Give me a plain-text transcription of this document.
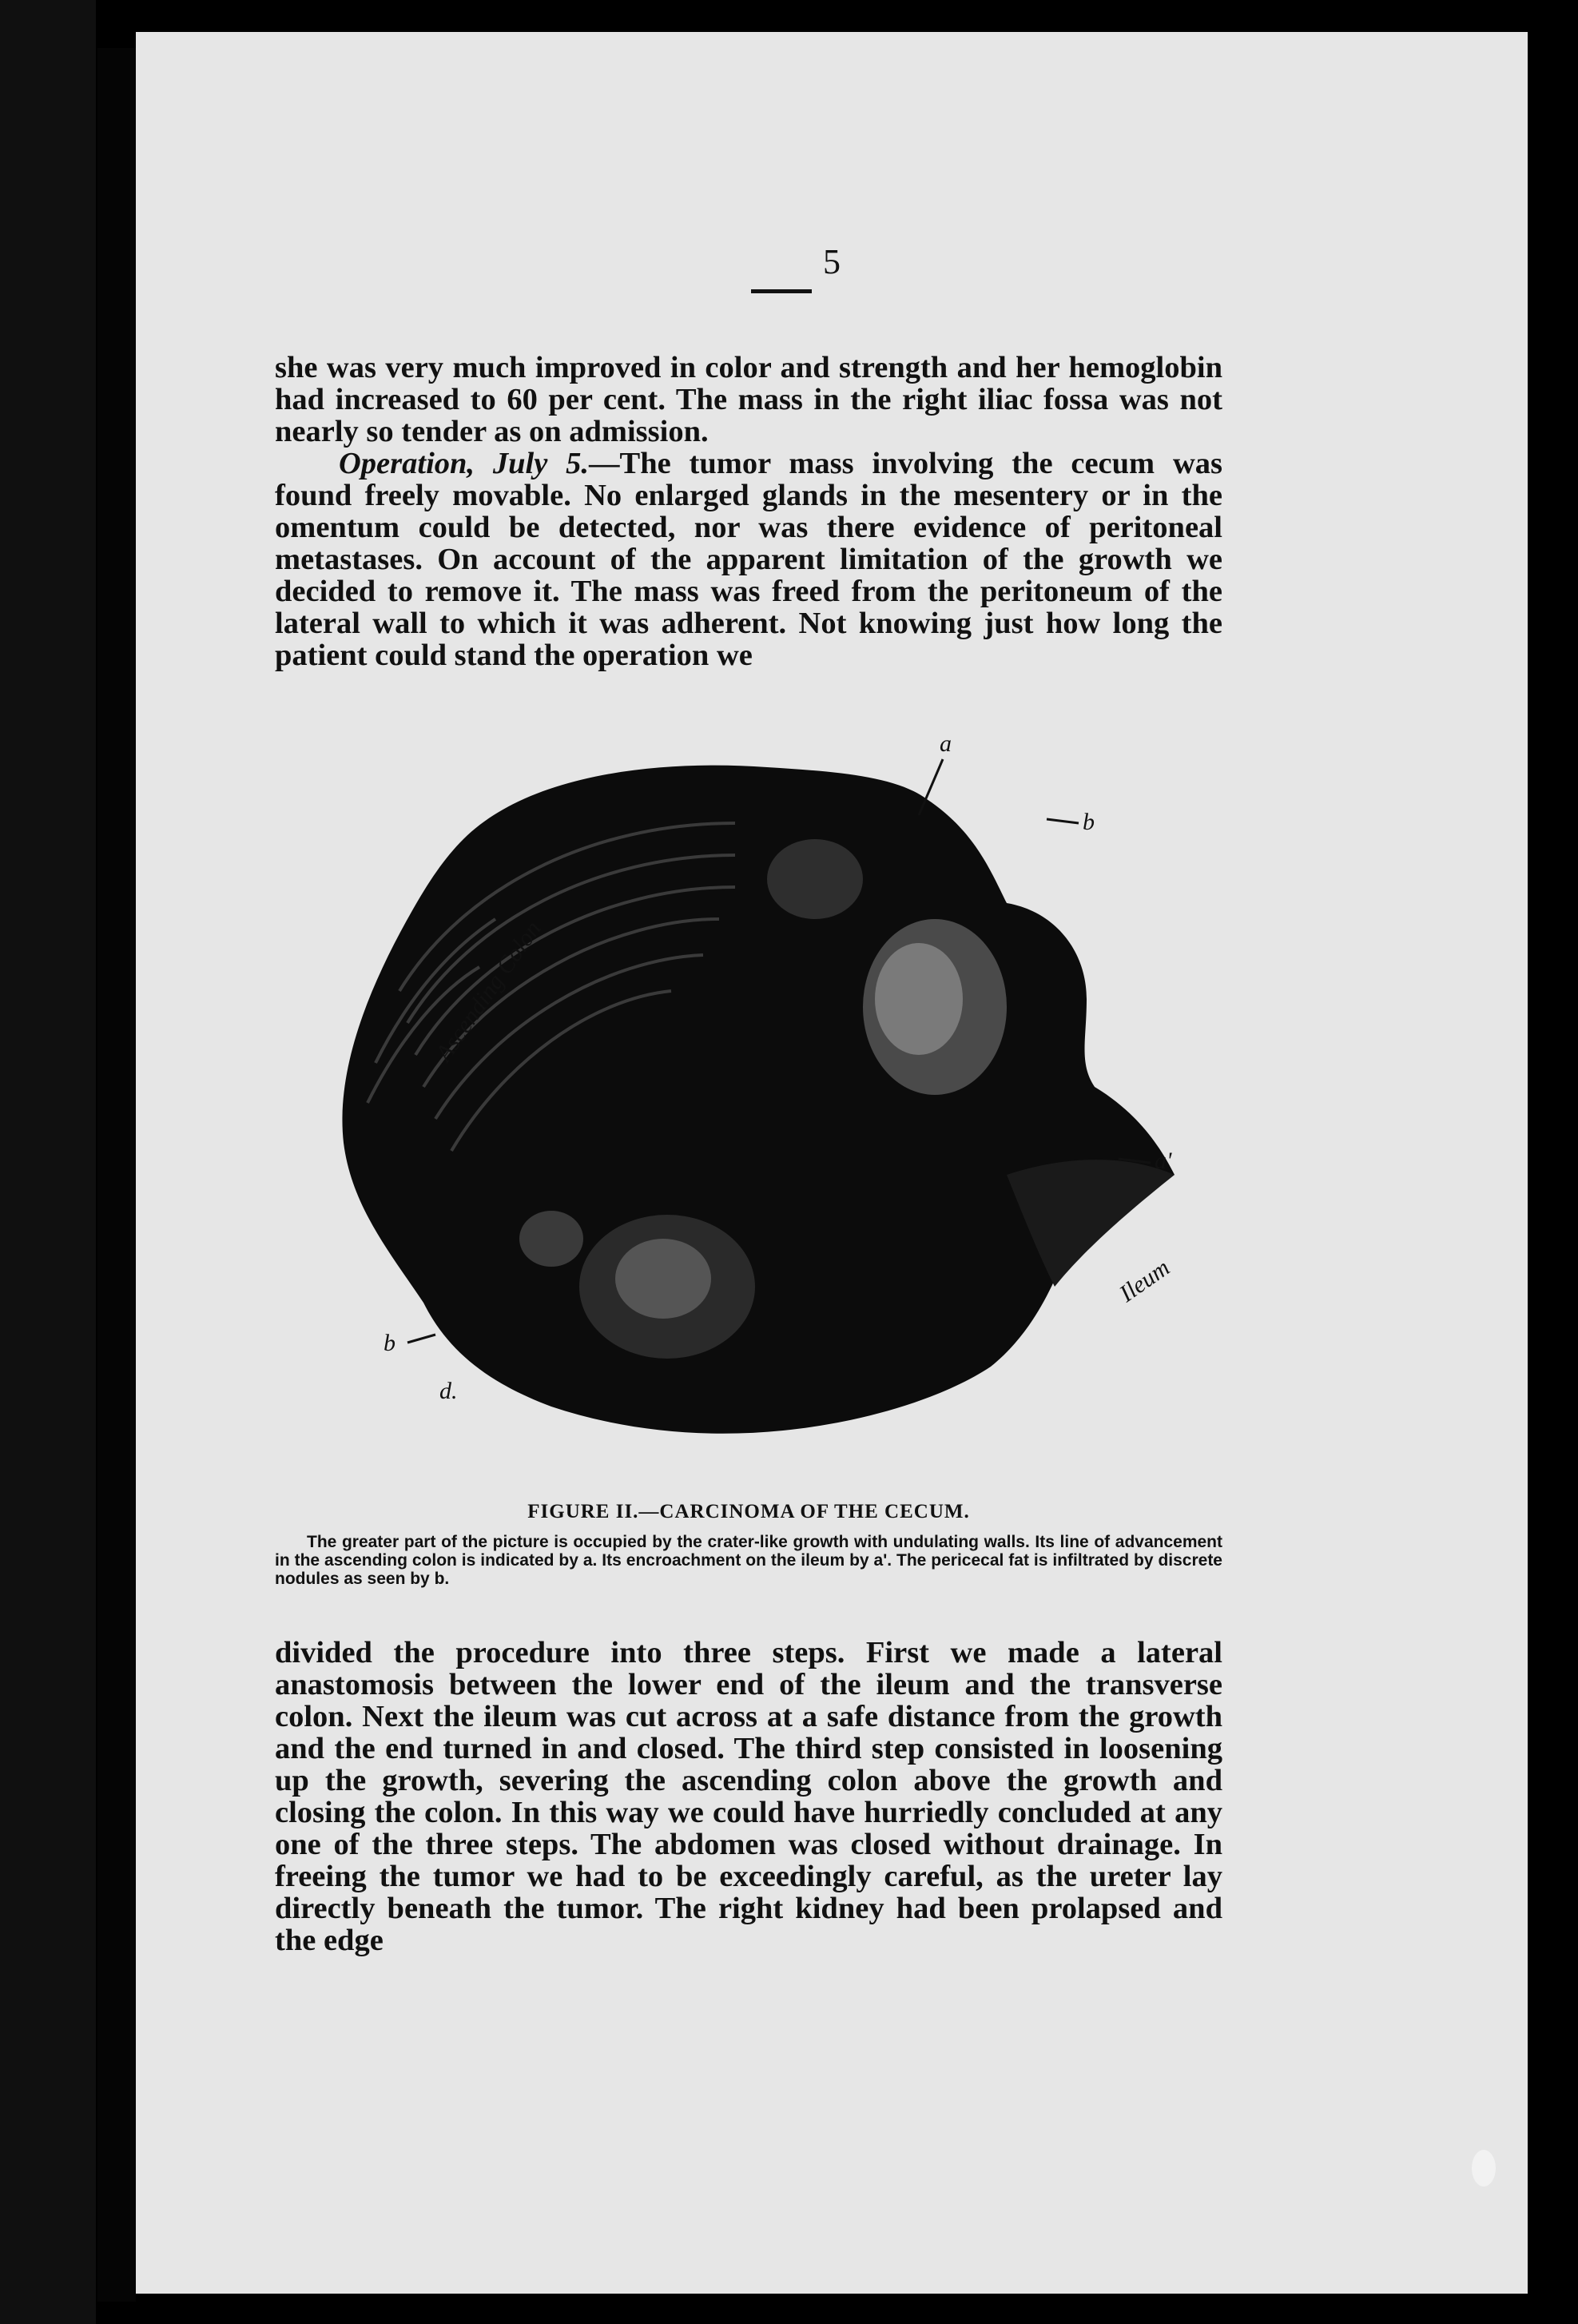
5

she was very much improved in color and strength and her hemoglobin had increased to 60 per cent. The mass in the right iliac fossa was not nearly so tender as on admission.

Operation, July 5.—The tumor mass involving the cecum was found freely movable. No enlarged glands in the mesentery or in the omentum could be detected, nor was there evidence of peritoneal metastases. On account of the apparent limitation of the growth we decided to remove it. The mass was freed from the peritoneum of the lateral wall to which it was adherent. Not knowing just how long the patient could stand the operation we

Ascending Colon
Ileum
a
b
a'
b
d.
FIGURE II.—CARCINOMA OF THE CECUM.
The greater part of the picture is occupied by the crater-like growth with undulating walls. Its line of advancement in the ascending colon is indicated by a. Its encroachment on the ileum by a'. The pericecal fat is infiltrated by discrete nodules as seen by b.

divided the procedure into three steps. First we made a lateral anastomosis between the lower end of the ileum and the transverse colon. Next the ileum was cut across at a safe distance from the growth and the end turned in and closed. The third step consisted in loosening up the growth, severing the ascending colon above the growth and closing the colon. In this way we could have hurriedly concluded at any one of the three steps. The abdomen was closed without drainage. In freeing the tumor we had to be exceedingly careful, as the ureter lay directly beneath the tumor. The right kidney had been prolapsed and the edge
